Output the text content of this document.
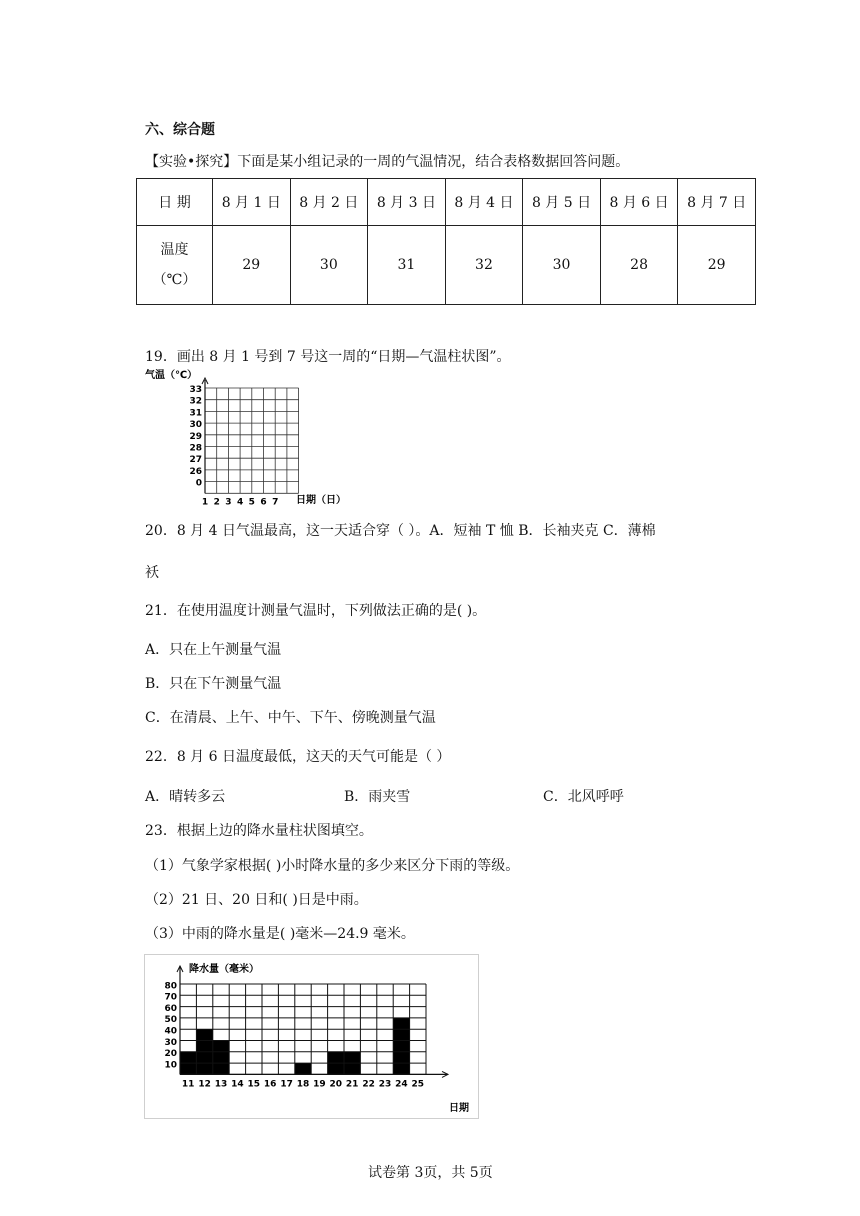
六、综合题
【实验•探究】下面是某小组记录的一周的气温情况，结合表格数据回答问题。
日 期	8 月 1 日	8 月 2 日	8 月 3 日	8 月 4 日	8 月 5 日	8 月 6 日	8 月 7 日

温度
（℃）	29	30	31	32	30	28	29
19．画出 8 月 1 号到 7 号这一周的“日期—气温柱状图”。
气温（℃）
33
32
31
30
29
28
27
26
0
1 2 3 4 5 6 7 日期（日）
20．8 月 4 日气温最高，这一天适合穿（ ）。A．短袖 T 恤 B．长袖夹克 C．薄棉
袄
21．在使用温度计测量气温时，下列做法正确的是( )。
A．只在上午测量气温
B．只在下午测量气温
C．在清晨、上午、中午、下午、傍晚测量气温
22．8 月 6 日温度最低，这天的天气可能是（ ）
A．晴转多云	B．雨夹雪	C．北风呼呼
23．根据上边的降水量柱状图填空。
（1）气象学家根据( )小时降水量的多少来区分下雨的等级。
（2）21 日、20 日和( )日是中雨。
（3）中雨的降水量是( )毫米—24.9 毫米。
降水量（毫米）
80
70
60
50
40
30
20
10
11 12 13 14 15 16 17 18 19 20 21 22 23 24 25
日期
试卷第 3页，共 5页
